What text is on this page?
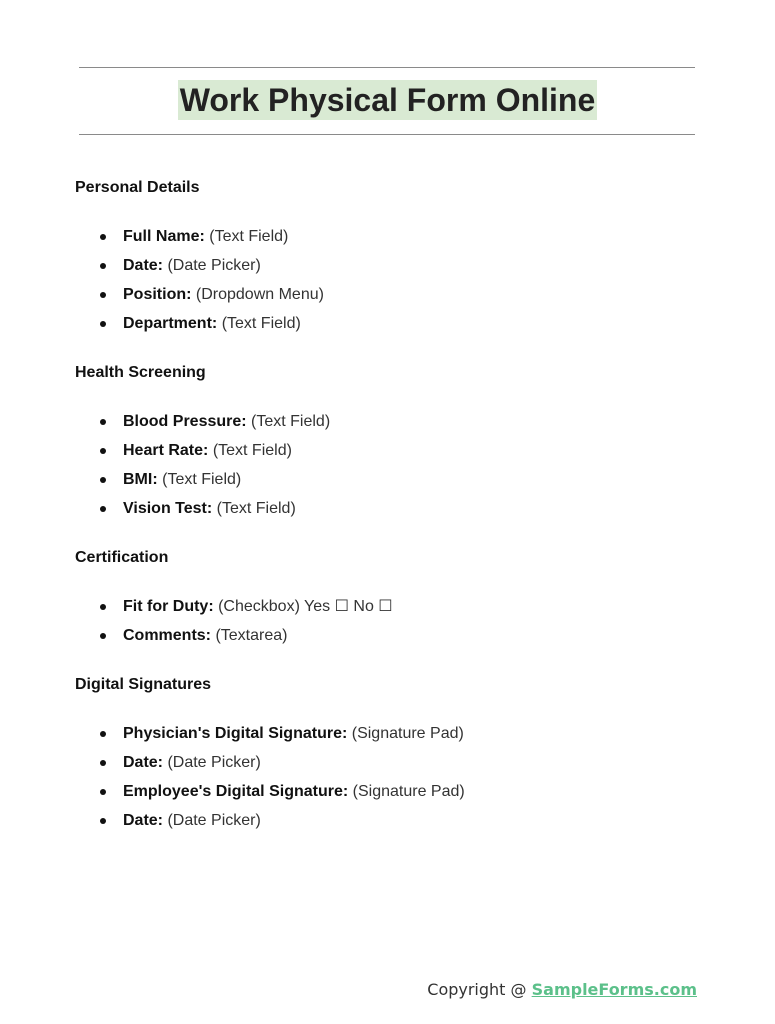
Work Physical Form Online
Personal Details
Full Name: (Text Field)
Date: (Date Picker)
Position: (Dropdown Menu)
Department: (Text Field)
Health Screening
Blood Pressure: (Text Field)
Heart Rate: (Text Field)
BMI: (Text Field)
Vision Test: (Text Field)
Certification
Fit for Duty: (Checkbox) Yes ☐ No ☐
Comments: (Textarea)
Digital Signatures
Physician's Digital Signature: (Signature Pad)
Date: (Date Picker)
Employee's Digital Signature: (Signature Pad)
Date: (Date Picker)
Copyright @ SampleForms.com
